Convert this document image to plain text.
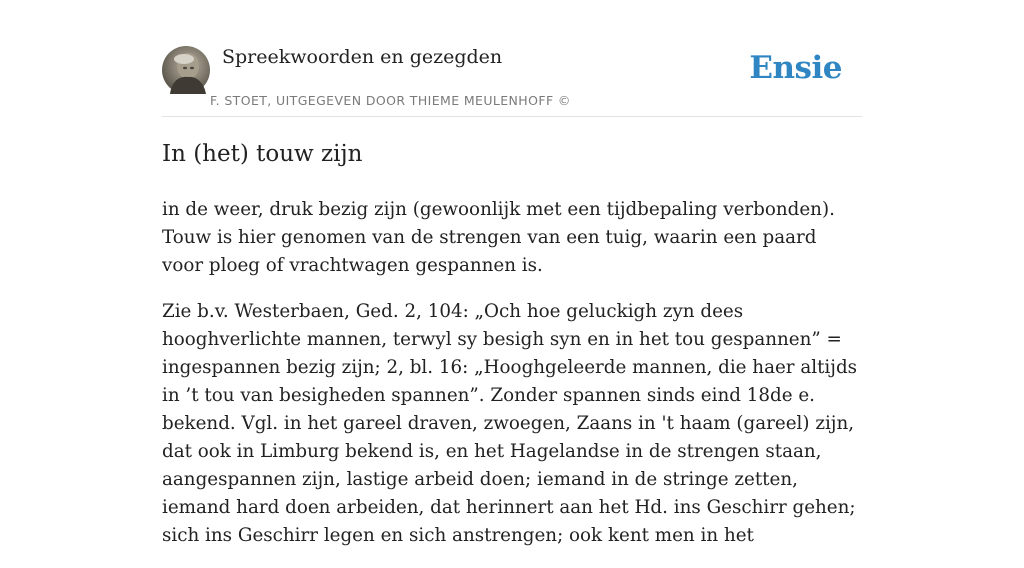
Spreekwoorden en gezegden
F. STOET, UITGEGEVEN DOOR THIEME MEULENHOFF ©
Ensie
In (het) touw zijn

in de weer, druk bezig zijn (gewoonlijk met een tijdbepaling verbonden). Touw is hier genomen van de strengen van een tuig, waarin een paard voor ploeg of vrachtwagen gespannen is.

Zie b.v. Westerbaen, Ged. 2, 104: „Och hoe geluckigh zyn dees hooghverlichte mannen, terwyl sy besigh syn en in het tou gespannen” = ingespannen bezig zijn; 2, bl. 16: „Hooghgeleerde mannen, die haer altijds in ’t tou van besigheden spannen”. Zonder spannen sinds eind 18de e. bekend. Vgl. in het gareel draven, zwoegen, Zaans in 't haam (gareel) zijn, dat ook in Limburg bekend is, en het Hagelandse in de strengen staan, aangespannen zijn, lastige arbeid doen; iemand in de stringe zetten, iemand hard doen arbeiden, dat herinnert aan het Hd. ins Geschirr gehen; sich ins Geschirr legen en sich anstrengen; ook kent men in het
